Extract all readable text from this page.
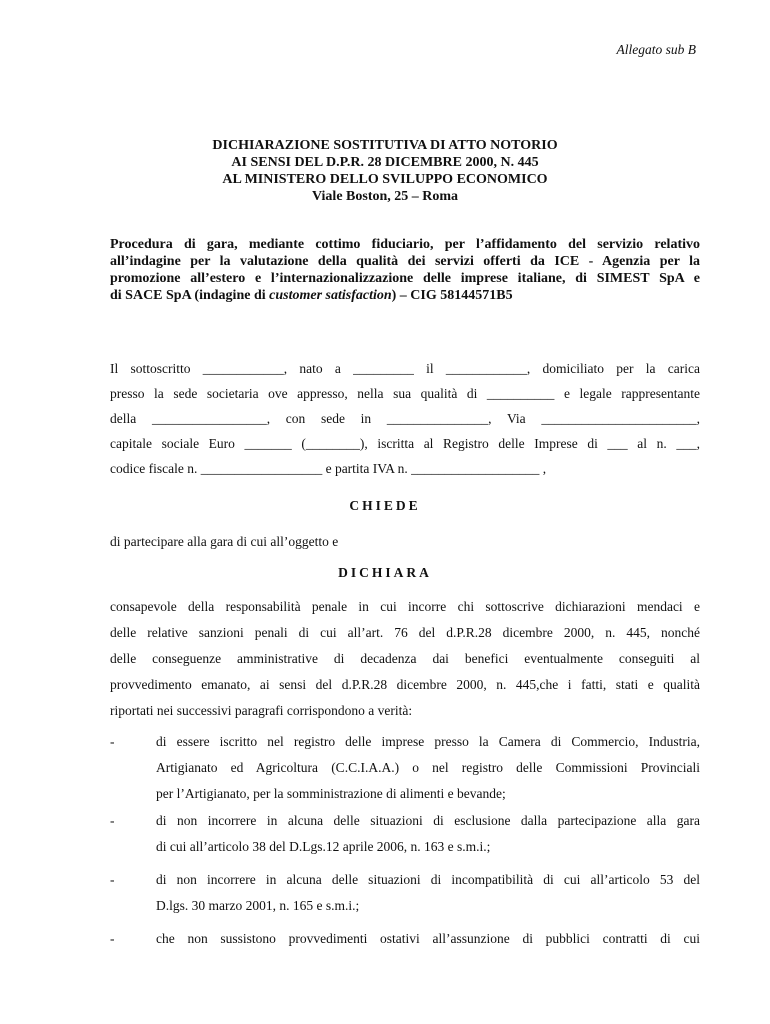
Allegato sub B
DICHIARAZIONE SOSTITUTIVA DI ATTO NOTORIO
AI SENSI DEL D.P.R. 28 DICEMBRE 2000, N. 445
AL MINISTERO DELLO SVILUPPO ECONOMICO
Viale Boston, 25 – Roma
Procedura di gara, mediante cottimo fiduciario, per l’affidamento del servizio relativo
all’indagine per la valutazione della qualità dei servizi offerti da ICE - Agenzia per la
promozione all’estero e l’internazionalizzazione delle imprese italiane, di SIMEST SpA e
di SACE SpA (indagine di customer satisfaction) – CIG 58144571B5
Il sottoscritto ____________, nato a _________ il ____________, domiciliato per la carica
presso la sede societaria ove appresso, nella sua qualità di __________ e legale rappresentante
della _________________, con sede in _______________, Via _______________________,
capitale sociale Euro _______ (________), iscritta al Registro delle Imprese di ___ al n. ___,
codice fiscale n. __________________ e partita IVA n. ___________________ ,
CHIEDE
di partecipare alla gara di cui all’oggetto e
DICHIARA
consapevole della responsabilità penale in cui incorre chi sottoscrive dichiarazioni mendaci e
delle relative sanzioni penali di cui all’art. 76 del d.P.R.28 dicembre 2000, n. 445, nonché
delle conseguenze amministrative di decadenza dai benefici eventualmente conseguiti al
provvedimento emanato, ai sensi del d.P.R.28 dicembre 2000, n. 445,che i fatti, stati e qualità
riportati nei successivi paragrafi corrispondono a verità:
-	di essere iscritto nel registro delle imprese presso la Camera di Commercio, Industria,
Artigianato ed Agricoltura (C.C.I.A.A.) o nel registro delle Commissioni Provinciali
per l’Artigianato, per la somministrazione di alimenti e bevande;
-	di non incorrere in alcuna delle situazioni di esclusione dalla partecipazione alla gara
di cui all’articolo 38 del D.Lgs.12 aprile 2006, n. 163 e s.m.i.;
-	di non incorrere in alcuna delle situazioni di incompatibilità di cui all’articolo 53 del
D.lgs. 30 marzo 2001, n. 165 e s.m.i.;
-	che non sussistono provvedimenti ostativi all’assunzione di pubblici contratti di cui
